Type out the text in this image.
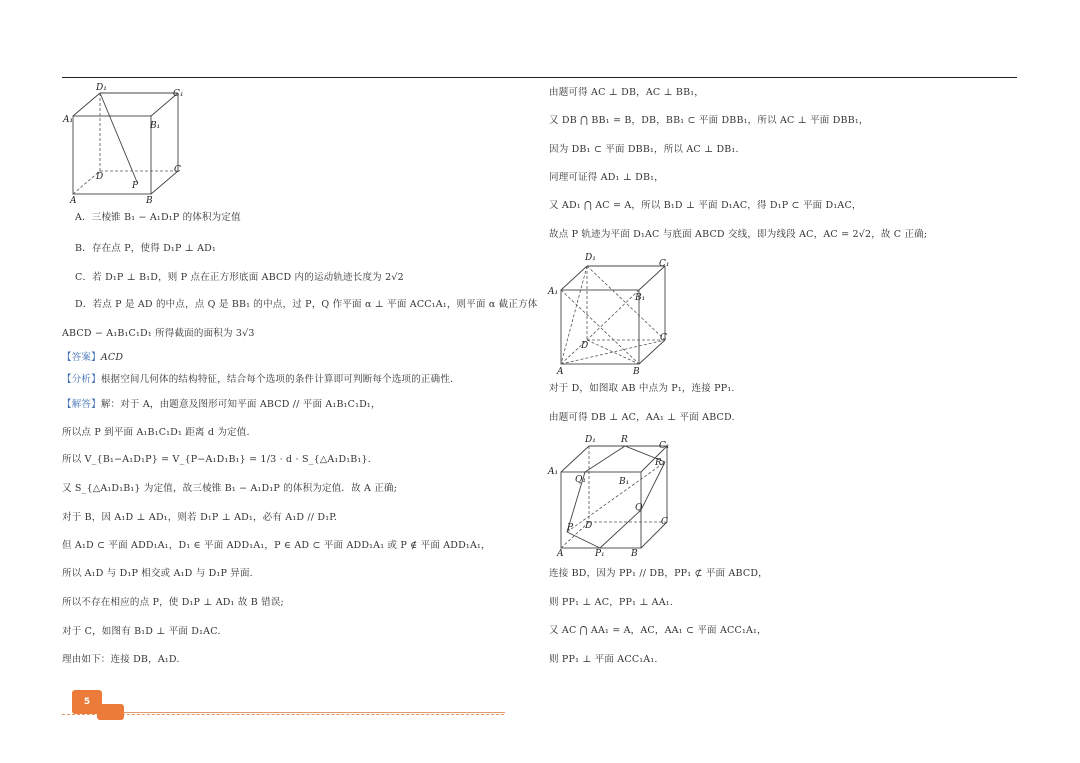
D₁
C₁
A₁
B₁
D
C
P
A	B
A．三棱锥 B₁ − A₁D₁P 的体积为定值
B．存在点 P，使得 D₁P ⊥ AD₁
C．若 D₁P ⊥ B₁D，则 P 点在正方形底面 ABCD 内的运动轨迹长度为 2√2
D．若点 P 是 AD 的中点，点 Q 是 BB₁ 的中点，过 P，Q 作平面 α ⊥ 平面 ACC₁A₁，则平面 α 截正方体
ABCD − A₁B₁C₁D₁ 所得截面的面积为 3√3
【答案】ACD
【分析】根据空间几何体的结构特征，结合每个选项的条件计算即可判断每个选项的正确性.
【解答】解：对于 A，由题意及图形可知平面 ABCD // 平面 A₁B₁C₁D₁，
所以点 P 到平面 A₁B₁C₁D₁ 距离 d 为定值.
所以 V_{B₁−A₁D₁P} = V_{P−A₁D₁B₁} = 1/3 · d · S_{△A₁D₁B₁}.
又 S_{△A₁D₁B₁} 为定值，故三棱锥 B₁ − A₁D₁P 的体积为定值．故 A 正确;
对于 B，因 A₁D ⊥ AD₁，则若 D₁P ⊥ AD₁，必有 A₁D // D₁P.
但 A₁D ⊂ 平面 ADD₁A₁，D₁ ∈ 平面 ADD₁A₁，P ∈ AD ⊂ 平面 ADD₁A₁ 或 P ∉ 平面 ADD₁A₁，
所以 A₁D 与 D₁P 相交或 A₁D 与 D₁P 异面.
所以不存在相应的点 P，使 D₁P ⊥ AD₁ 故 B 错误;
对于 C，如图有 B₁D ⊥ 平面 D₁AC.
理由如下：连接 DB，A₁D.
由题可得 AC ⊥ DB，AC ⊥ BB₁，
又 DB ⋂ BB₁ = B，DB，BB₁ ⊂ 平面 DBB₁，所以 AC ⊥ 平面 DBB₁，
因为 DB₁ ⊂ 平面 DBB₁，所以 AC ⊥ DB₁.
同理可证得 AD₁ ⊥ DB₁，
又 AD₁ ⋂ AC = A，所以 B₁D ⊥ 平面 D₁AC，得 D₁P ⊂ 平面 D₁AC，
故点 P 轨迹为平面 D₁AC 与底面 ABCD 交线，即为线段 AC，AC = 2√2，故 C 正确;
对于 D，如图取 AB 中点为 P₁，连接 PP₁.
由题可得 DB ⊥ AC，AA₁ ⊥ 平面 ABCD.
连接 BD，因为 PP₁ // DB，PP₁ ⊄ 平面 ABCD，
则 PP₁ ⊥ AC，PP₁ ⊥ AA₁.
又 AC ⋂ AA₁ = A，AC，AA₁ ⊂ 平面 ACC₁A₁，
则 PP₁ ⊥ 平面 ACC₁A₁.
D₁
C₁
A₁
B₁
D
C
A	B
D₁	R
C₁
R₁
A₁
Q₁	B₁
Q
P D	C
A	P₁	B
5
